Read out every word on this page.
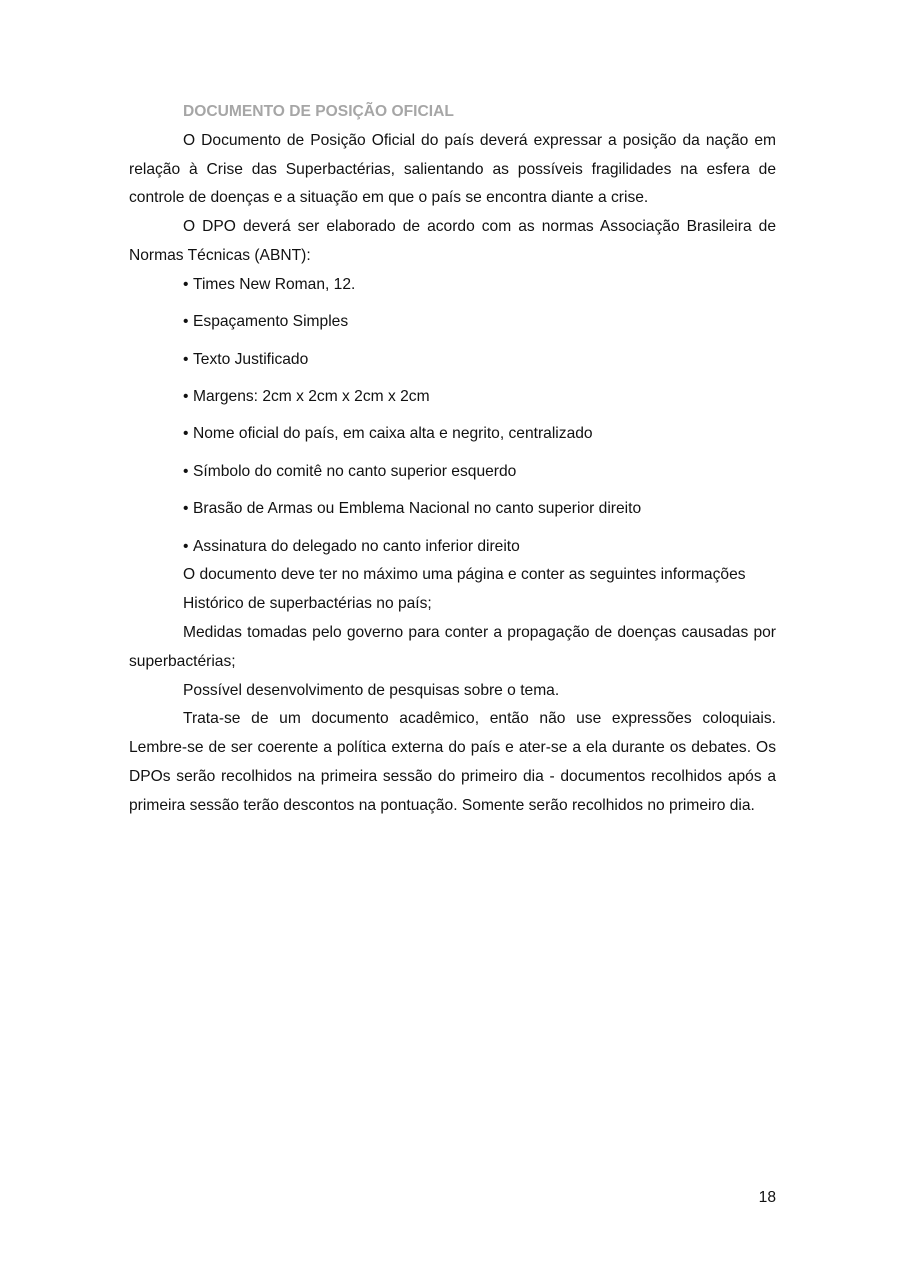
DOCUMENTO DE POSIÇÃO OFICIAL

O Documento de Posição Oficial do país deverá expressar a posição da nação em relação à Crise das Superbactérias, salientando as possíveis fragilidades na esfera de controle de doenças e a situação em que o país se encontra diante a crise.

O DPO deverá ser elaborado de acordo com as normas Associação Brasileira de Normas Técnicas (ABNT):

• Times New Roman, 12.
• Espaçamento Simples
• Texto Justificado
• Margens: 2cm x 2cm x 2cm x 2cm
• Nome oficial do país, em caixa alta e negrito, centralizado
• Símbolo do comitê no canto superior esquerdo
• Brasão de Armas ou Emblema Nacional no canto superior direito
• Assinatura do delegado no canto inferior direito

O documento deve ter no máximo uma página e conter as seguintes informações

Histórico de superbactérias no país;

Medidas tomadas pelo governo para conter a propagação de doenças causadas por superbactérias;

Possível desenvolvimento de pesquisas sobre o tema.

Trata-se de um documento acadêmico, então não use expressões coloquiais. Lembre-se de ser coerente a política externa do país e ater-se a ela durante os debates. Os DPOs serão recolhidos na primeira sessão do primeiro dia - documentos recolhidos após a primeira sessão terão descontos na pontuação. Somente serão recolhidos no primeiro dia.

18
